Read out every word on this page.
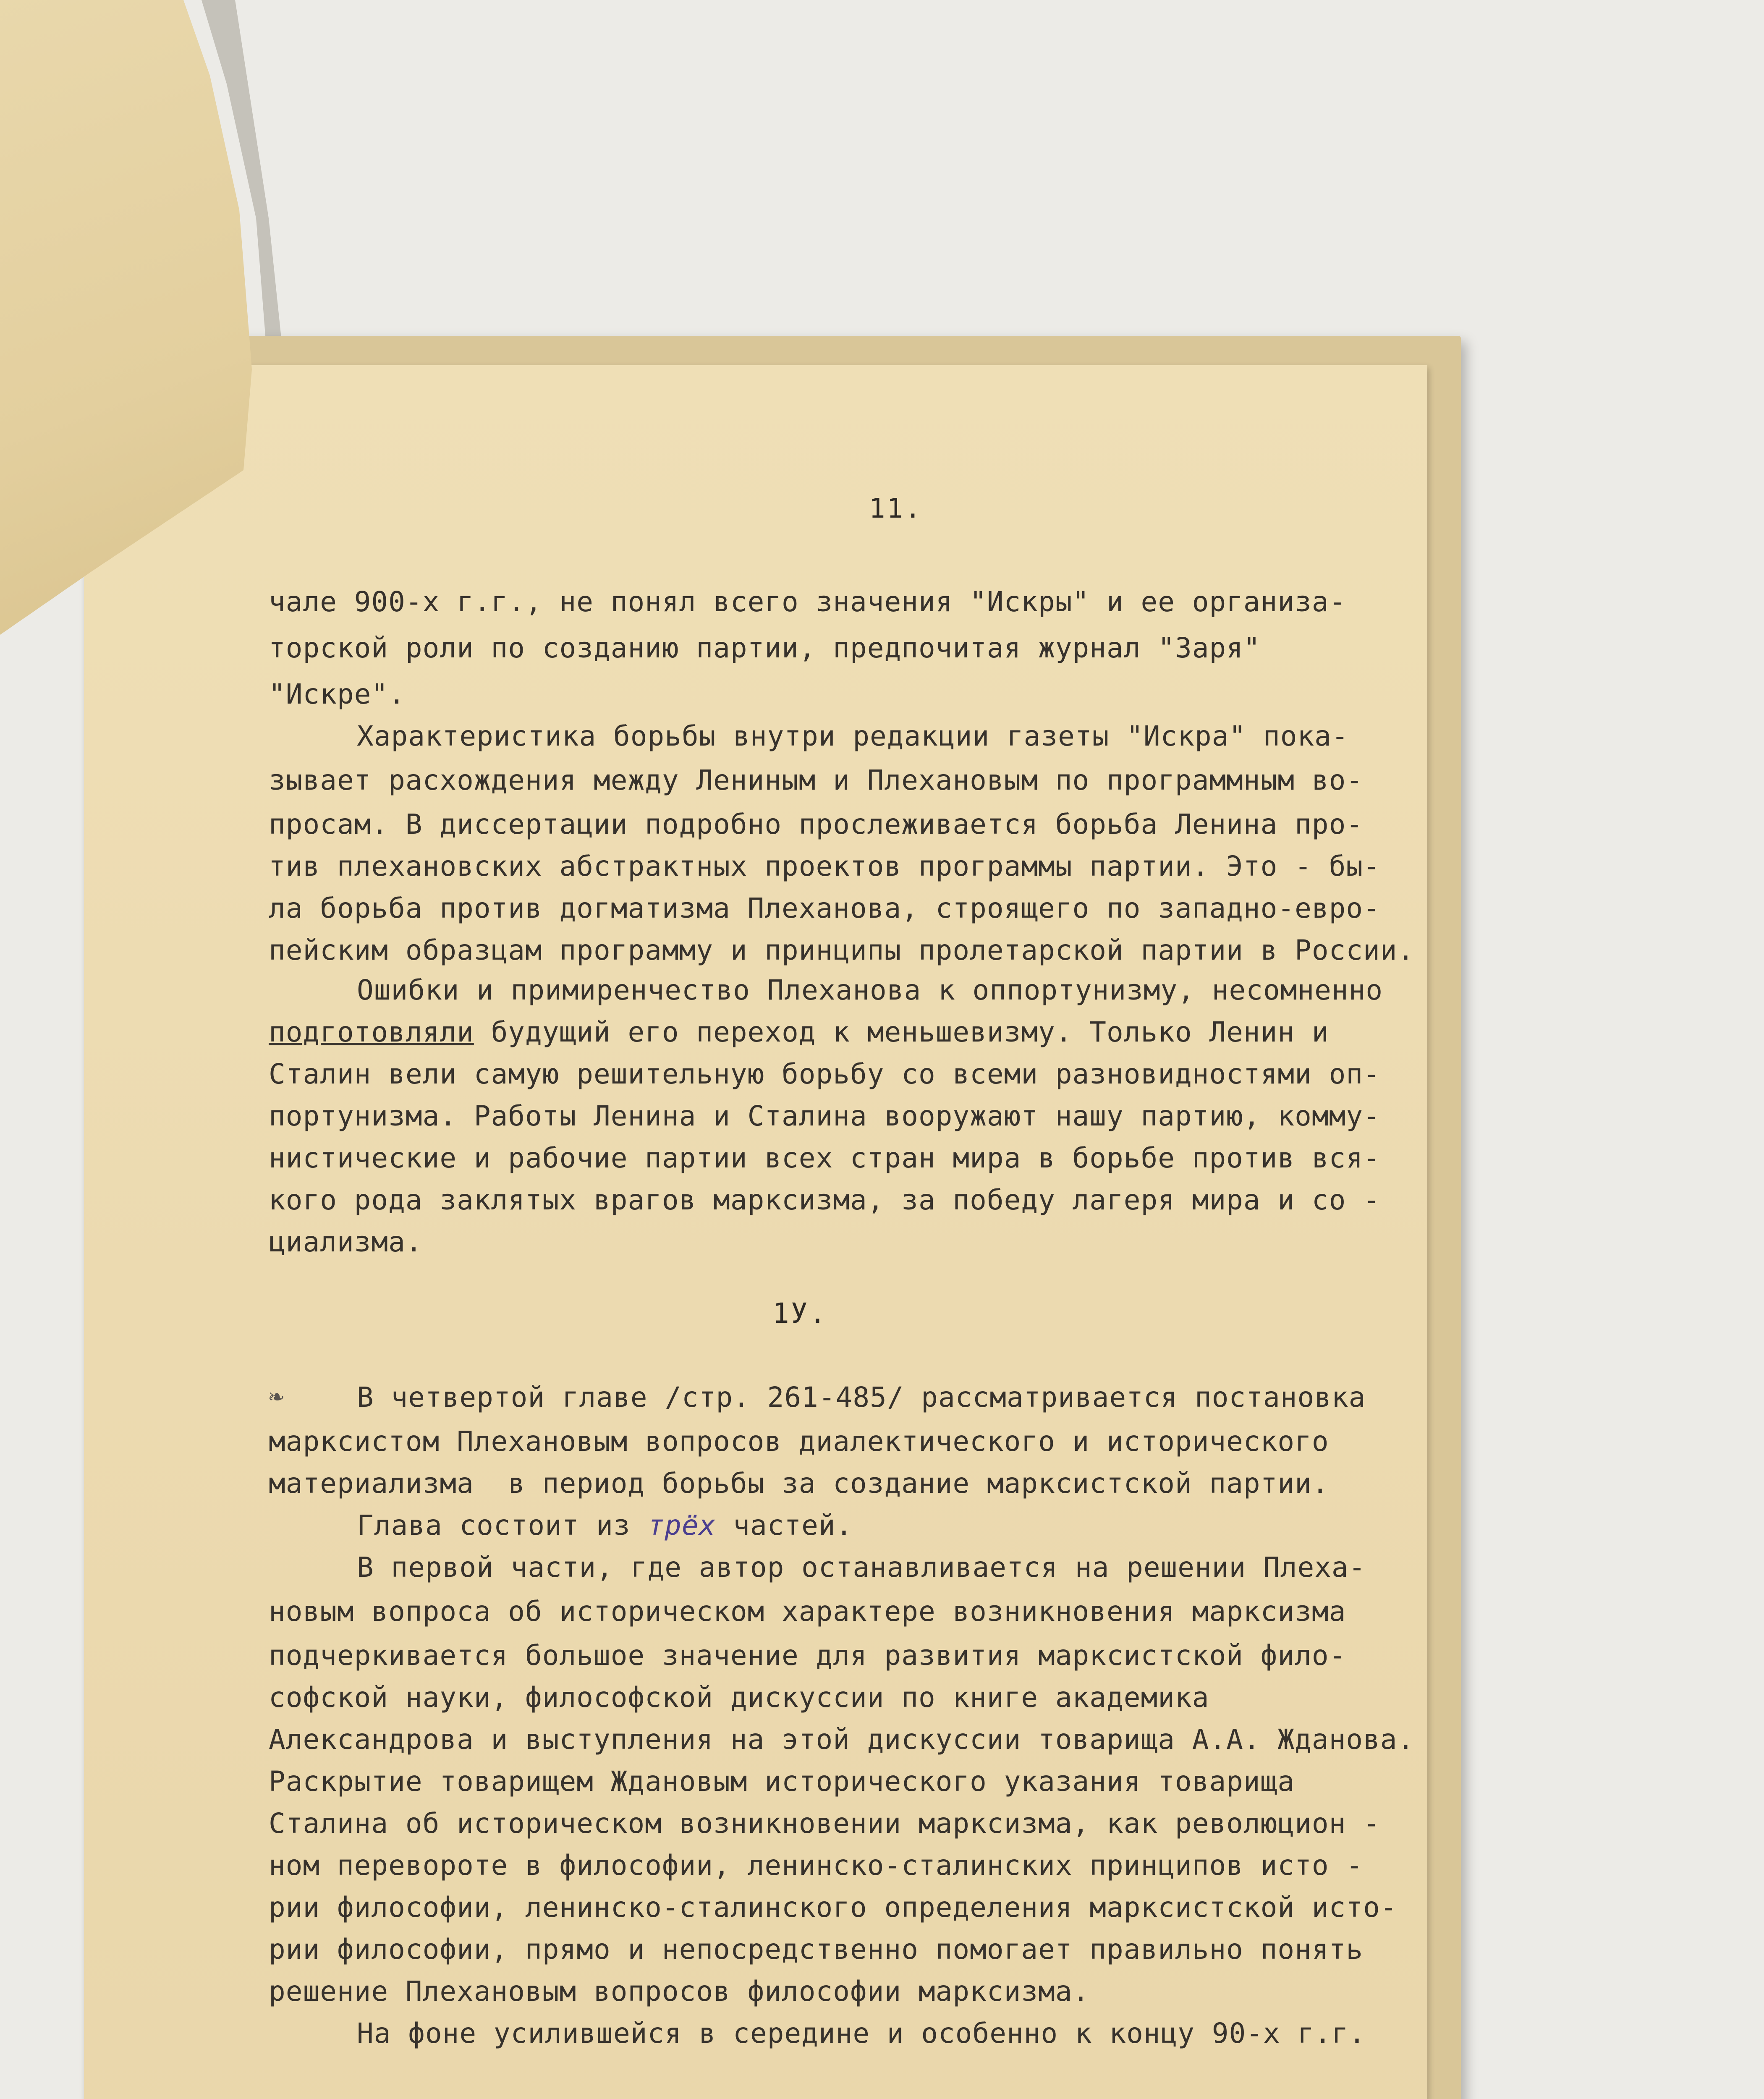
11.
чале 900-х г.г., не понял всего значения "Искры" и ее организа-
торской роли по созданию партии, предпочитая журнал "Заря"
"Искре".
Характеристика борьбы внутри редакции газеты "Искра" пока-
зывает расхождения между Лениным и Плехановым по программным во-
просам. В диссертации подробно прослеживается борьба Ленина про-
тив плехановских абстрактных проектов программы партии. Это - бы-
ла борьба против догматизма Плеханова, строящего по западно-евро-
пейским образцам программу и принципы пролетарской партии в России.
Ошибки и примиренчество Плеханова к оппортунизму, несомненно
подготовляли будущий его переход к меньшевизму. Только Ленин и
Сталин вели самую решительную борьбу со всеми разновидностями оп-
портунизма. Работы Ленина и Сталина вооружают нашу партию, комму-
нистические и рабочие партии всех стран мира в борьбе против вся-
кого рода заклятых врагов марксизма, за победу лагеря мира и со -
циализма.
1У.
❧	В четвертой главе /стр. 261-485/ рассматривается постановка
марксистом Плехановым вопросов диалектического и исторического
материализма  в период борьбы за создание марксистской партии.
Глава состоит из трёх частей.
В первой части, где автор останавливается на решении Плеха-
новым вопроса об историческом характере возникновения марксизма
подчеркивается большое значение для развития марксистской фило-
софской науки, философской дискуссии по книге академика
Александрова и выступления на этой дискуссии товарища А.А. Жданова.
Раскрытие товарищем Ждановым исторического указания товарища
Сталина об историческом возникновении марксизма, как революцион -
ном перевороте в философии, ленинско-сталинских принципов исто -
рии философии, ленинско-сталинского определения марксистской исто-
рии философии, прямо и непосредственно помогает правильно понять
решение Плехановым вопросов философии марксизма.
На фоне усилившейся в середине и особенно к концу 90-х г.г.
